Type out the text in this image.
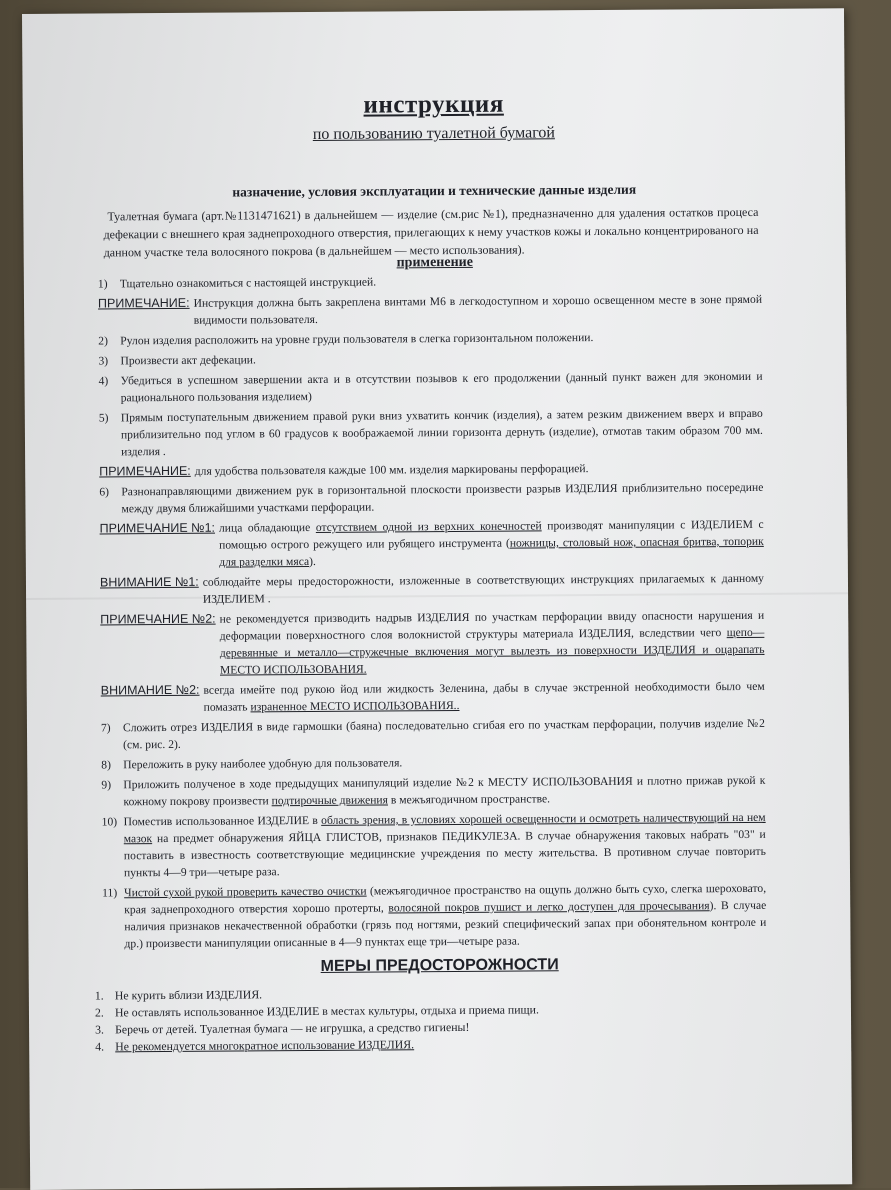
инструкция
по пользованию туалетной бумагой
назначение, условия эксплуатации и технические данные изделия
Туалетная бумага (арт.№1131471621) в дальнейшем — изделие (см.рис №1), предназначенно для удаления остатков процеса дефекации с внешнего края заднепроходного отверстия, прилегающих к нему участков кожы и локально концентрированого на данном участке тела волосяного покрова (в дальнейшем — место использования).
применение
1)	Тщательно ознакомиться с настоящей инструкцией.
ПРИМЕЧАНИЕ: Инструкция должна быть закреплена винтами М6 в легкодоступном и хорошо освещенном месте в зоне прямой видимости пользователя.
2)	Рулон изделия расположить на уровне груди пользователя в слегка горизонтальном положении.
3)	Произвести акт дефекации.
4)	Убедиться в успешном завершении акта и в отсутствии позывов к его продолжении (данный пункт важен для экономии и рационального пользования изделием)
5)	Прямым поступательным движением правой руки вниз ухватить кончик (изделия), а затем резким движением вверх и вправо приблизительно под углом в 60 градусов к воображаемой линии горизонта дернуть (изделие), отмотав таким образом 700 мм. изделия .
ПРИМЕЧАНИЕ: для удобства пользователя каждые 100 мм. изделия маркированы перфорацией.
6)	Разнонаправляющими движением рук в горизонтальной плоскости произвести разрыв ИЗДЕЛИЯ приблизительно посередине между двумя ближайшими участками перфорации.
ПРИМЕЧАНИЕ №1: лица обладающие отсутствием одной из верхних конечностей производят манипуляции с ИЗДЕЛИЕМ с помощью острого режущего или рубящего инструмента (ножницы, столовый нож, опасная бритва, топорик для разделки мяса).
ВНИМАНИЕ №1: соблюдайте меры предосторожности, изложенные в соответствующих инструкциях прилагаемых к данному ИЗДЕЛИЕМ .
ПРИМЕЧАНИЕ №2: не рекомендуется призводить надрыв ИЗДЕЛИЯ по участкам перфорации ввиду опасности нарушения и деформации поверхностного слоя волокнистой структуры материала ИЗДЕЛИЯ, вследствии чего щепо—деревянные и металло—стружечные включения могут вылезть из поверхности ИЗДЕЛИЯ и оцарапать МЕСТО ИСПОЛЬЗОВАНИЯ.
ВНИМАНИЕ №2: всегда имейте под рукою йод или жидкость Зеленина, дабы в случае экстренной необходимости было чем помазать израненное МЕСТО ИСПОЛЬЗОВАНИЯ..
7)	Сложить отрез ИЗДЕЛИЯ в виде гармошки (баяна) последовательно сгибая его по участкам перфорации, получив изделие №2 (см. рис. 2).
8)	Переложить в руку наиболее удобную для пользователя.
9)	Приложить полученое в ходе предыдущих манипуляций изделие №2 к МЕСТУ ИСПОЛЬЗОВАНИЯ и плотно прижав рукой к кожному покрову произвести подтирочные движения в межъягодичном пространстве.
10) Поместив использованное ИЗДЕЛИЕ в область зрения, в условиях хорошей освещенности и осмотреть наличествующий на нем мазок на предмет обнаружения ЯЙЦА ГЛИСТОВ, признаков ПЕДИКУЛЕЗА. В случае обнаружения таковых набрать "03" и поставить в известность соответствующие медицинские учреждения по месту жительства. В противном случае повторить пункты 4—9 три—четыре раза.
11) Чистой сухой рукой проверить качество очистки (межъягодичное пространство на ощупь должно быть сухо, слегка шероховато, края заднепроходного отверстия хорошо протерты, волосяной покров пушист и легко доступен для прочесывания). В случае наличия признаков некачественной обработки (грязь под ногтями, резкий специфический запах при обонятельном контроле и др.) произвести манипуляции описанные в 4—9 пунктах еще три—четыре раза.
МЕРЫ ПРЕДОСТОРОЖНОСТИ
1. Не курить вблизи ИЗДЕЛИЯ.
2. Не оставлять использованное ИЗДЕЛИЕ в местах культуры, отдыха и приема пищи.
3. Беречь от детей. Туалетная бумага — не игрушка, а средство гигиены!
4. Не рекомендуется многократное использование ИЗДЕЛИЯ.
